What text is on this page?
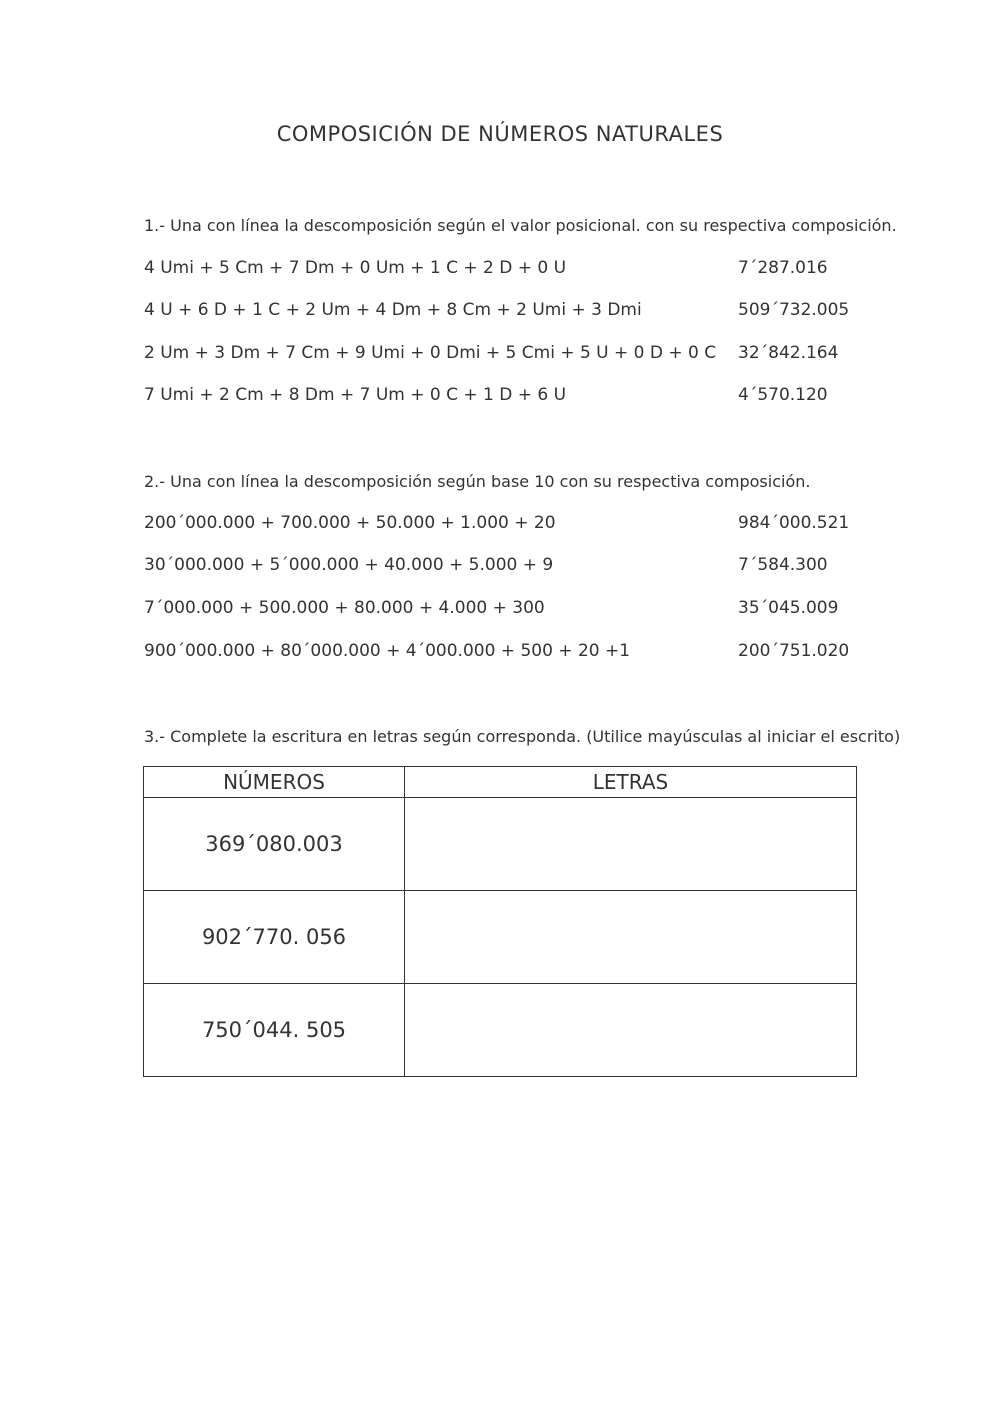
COMPOSICIÓN DE NÚMEROS NATURALES
1.- Una con línea la descomposición según el valor posicional. con su respectiva composición.
4 Umi + 5 Cm + 7 Dm + 0 Um + 1 C + 2 D + 0 U	7´287.016
4 U + 6 D + 1 C + 2 Um + 4 Dm + 8 Cm + 2 Umi + 3 Dmi	509´732.005
2 Um + 3 Dm + 7 Cm + 9 Umi + 0 Dmi + 5 Cmi + 5 U + 0 D + 0 C 32´842.164
7 Umi + 2 Cm + 8 Dm + 7 Um + 0 C + 1 D + 6 U	4´570.120
2.- Una con línea la descomposición según base 10 con su respectiva composición.
200´000.000 + 700.000 + 50.000 + 1.000 + 20	984´000.521
30´000.000 + 5´000.000 + 40.000 + 5.000 + 9	7´584.300
7´000.000 + 500.000 + 80.000 + 4.000 + 300	35´045.009
900´000.000 + 80´000.000 + 4´000.000 + 500 + 20 +1	200´751.020
3.- Complete la escritura en letras según corresponda. (Utilice mayúsculas al iniciar el escrito)
NÚMEROS	LETRAS
369´080.003	
902´770. 056	
750´044. 505	
